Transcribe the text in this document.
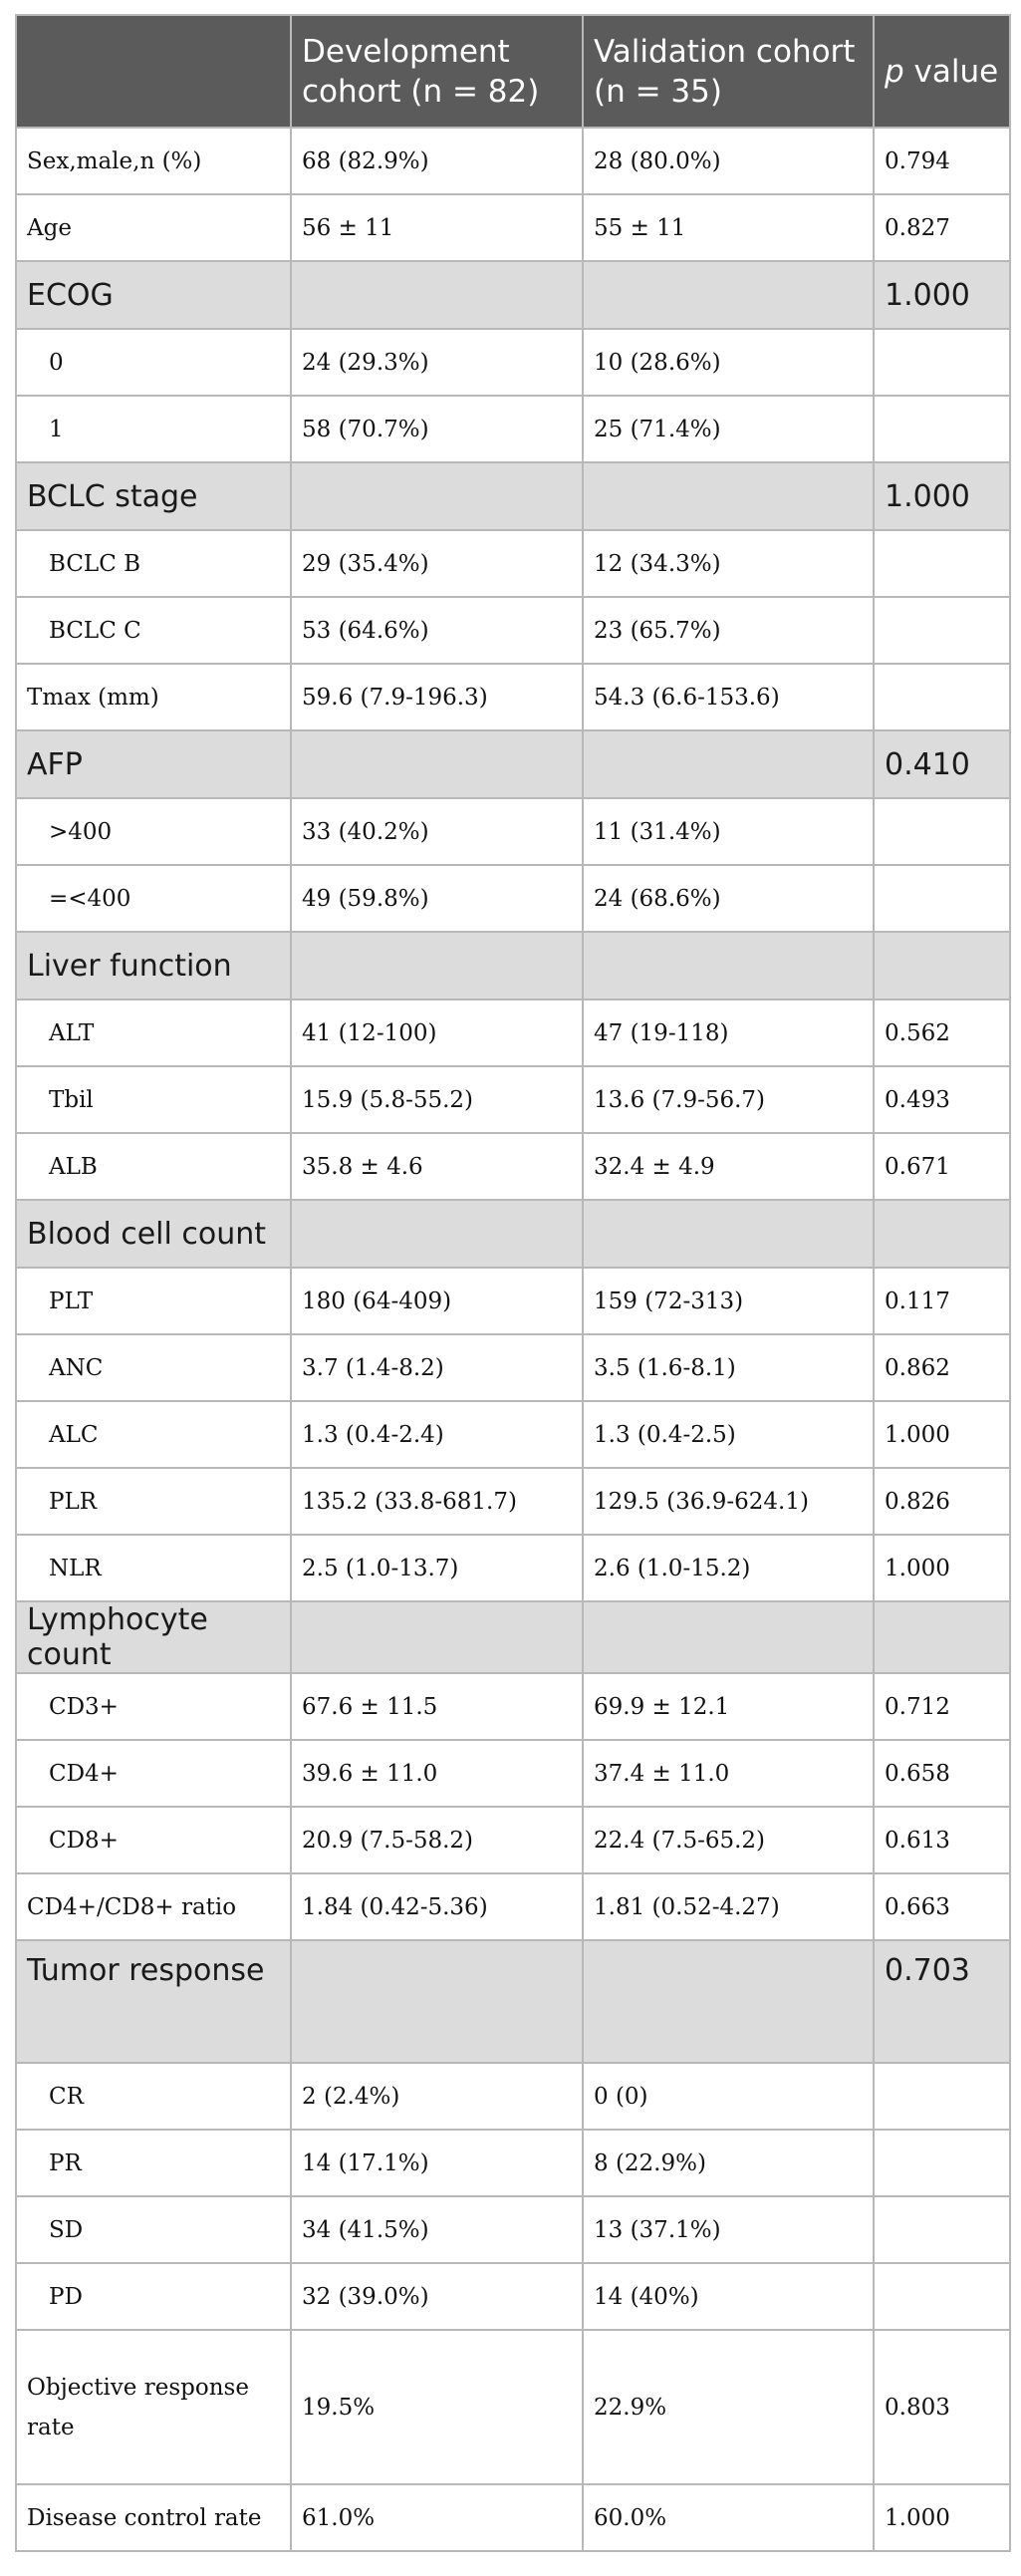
	Development cohort (n = 82)	Validation cohort (n = 35)	p value
Sex,male,n (%)	68 (82.9%)	28 (80.0%)	0.794
Age	56 ± 11	55 ± 11	0.827
ECOG			1.000
0	24 (29.3%)	10 (28.6%)	
1	58 (70.7%)	25 (71.4%)	
BCLC stage			1.000
BCLC B	29 (35.4%)	12 (34.3%)	
BCLC C	53 (64.6%)	23 (65.7%)	
Tmax (mm)	59.6 (7.9-196.3)	54.3 (6.6-153.6)	
AFP			0.410
>400	33 (40.2%)	11 (31.4%)	
=<400	49 (59.8%)	24 (68.6%)	
Liver function			
ALT	41 (12-100)	47 (19-118)	0.562
Tbil	15.9 (5.8-55.2)	13.6 (7.9-56.7)	0.493
ALB	35.8 ± 4.6	32.4 ± 4.9	0.671
Blood cell count			
PLT	180 (64-409)	159 (72-313)	0.117
ANC	3.7 (1.4-8.2)	3.5 (1.6-8.1)	0.862
ALC	1.3 (0.4-2.4)	1.3 (0.4-2.5)	1.000
PLR	135.2 (33.8-681.7)	129.5 (36.9-624.1)	0.826
NLR	2.5 (1.0-13.7)	2.6 (1.0-15.2)	1.000
Lymphocyte count			
CD3+	67.6 ± 11.5	69.9 ± 12.1	0.712
CD4+	39.6 ± 11.0	37.4 ± 11.0	0.658
CD8+	20.9 (7.5-58.2)	22.4 (7.5-65.2)	0.613
CD4+/CD8+ ratio	1.84 (0.42-5.36)	1.81 (0.52-4.27)	0.663
Tumor response			0.703
CR	2 (2.4%)	0 (0)	
PR	14 (17.1%)	8 (22.9%)	
SD	34 (41.5%)	13 (37.1%)	
PD	32 (39.0%)	14 (40%)	
Objective response rate	19.5%	22.9%	0.803
Disease control rate	61.0%	60.0%	1.000
